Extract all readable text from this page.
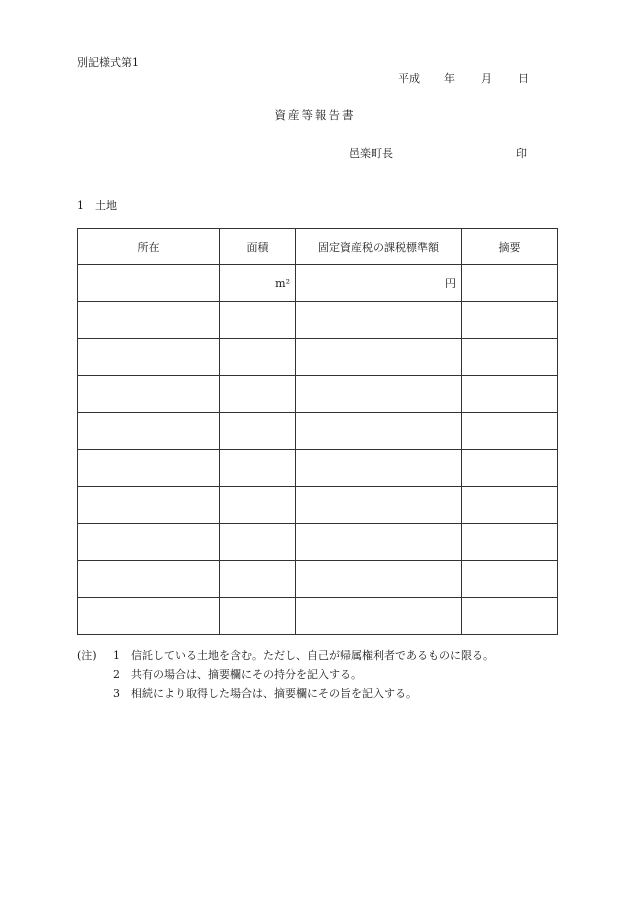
別記様式第1
平成 年 月 日
資産等報告書
邑楽町長	印
1　土地
所在	面積	固定資産税の課税標準額	摘要
	m²	円	

(注) 1 信託している土地を含む。ただし、自己が帰属権利者であるものに限る。
2 共有の場合は、摘要欄にその持分を記入する。
3 相続により取得した場合は、摘要欄にその旨を記入する。
